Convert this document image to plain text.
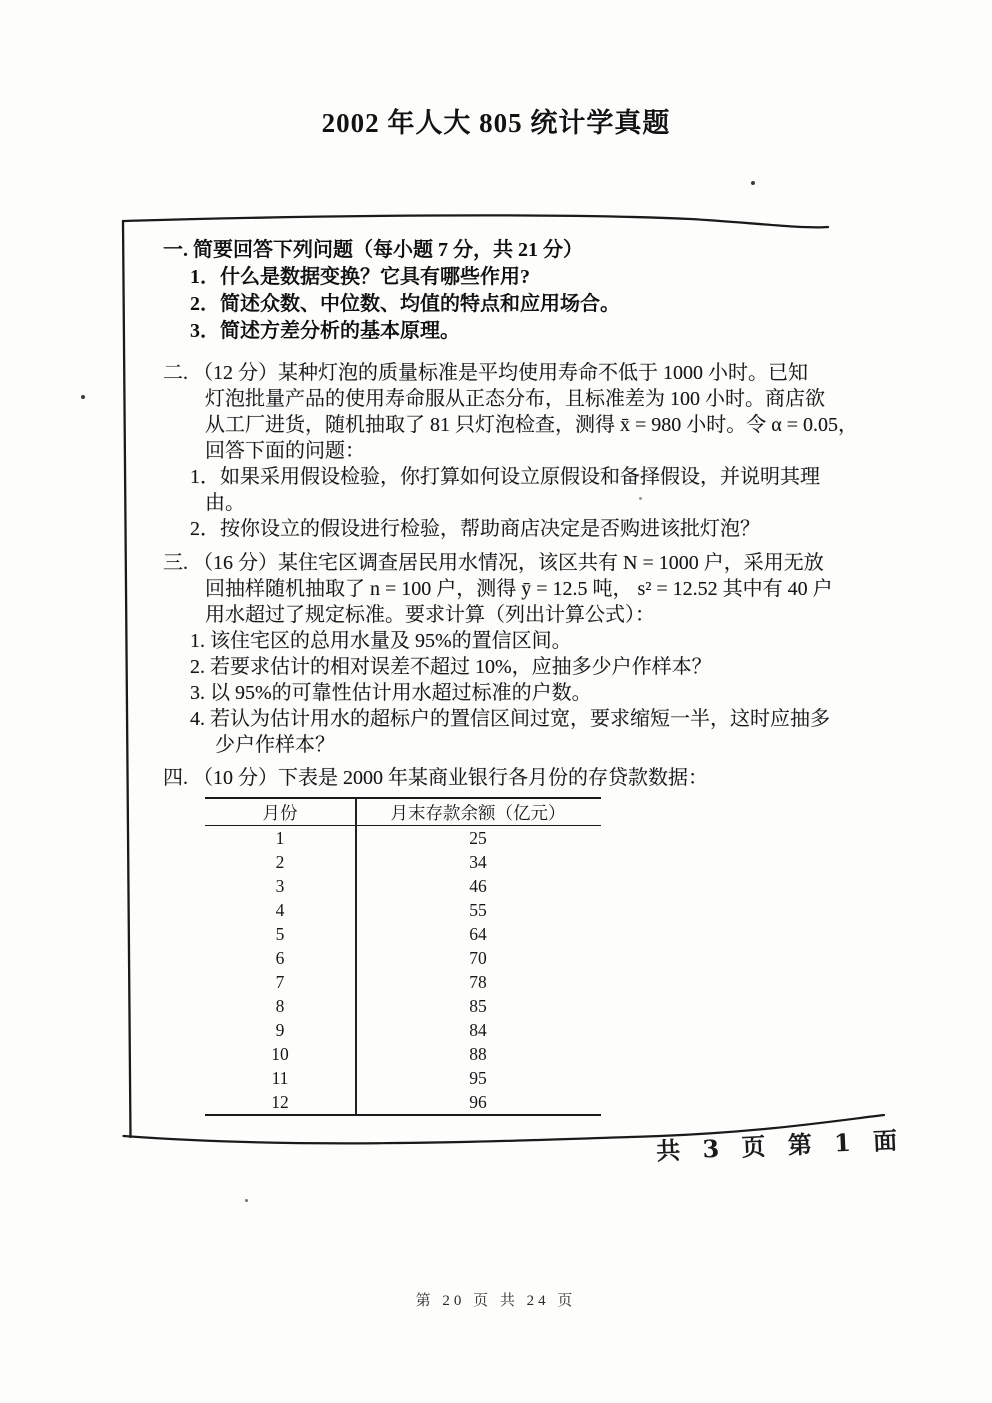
2002 年人大 805 统计学真题
一. 简要回答下列问题（每小题 7 分，共 21 分）
1．什么是数据变换？它具有哪些作用?
2．简述众数、中位数、均值的特点和应用场合。
3．简述方差分析的基本原理。
二. （12 分）某种灯泡的质量标准是平均使用寿命不低于 1000 小时。已知
灯泡批量产品的使用寿命服从正态分布，且标准差为 100 小时。商店欲
从工厂进货，随机抽取了 81 只灯泡检查，测得 x̄ = 980 小时。令 α = 0.05，
回答下面的问题：
1．如果采用假设检验，你打算如何设立原假设和备择假设，并说明其理
由。
2．按你设立的假设进行检验，帮助商店决定是否购进该批灯泡？
三. （16 分）某住宅区调查居民用水情况，该区共有 N = 1000 户，采用无放
回抽样随机抽取了 n = 100 户，测得 ȳ = 12.5 吨， s² = 12.52 其中有 40 户
用水超过了规定标准。要求计算（列出计算公式）：
1. 该住宅区的总用水量及 95%的置信区间。
2. 若要求估计的相对误差不超过 10%，应抽多少户作样本？
3. 以 95%的可靠性估计用水超过标准的户数。
4. 若认为估计用水的超标户的置信区间过宽，要求缩短一半，这时应抽多
少户作样本？
四. （10 分）下表是 2000 年某商业银行各月份的存贷款数据：
月份	月末存款余额（亿元）
1	25
2	34
3	46
4	55
5	64
6	70
7	78
8	85
9	84
10	88
11	95
12	96
共 3 页 第 1 面
第 20 页 共 24 页
